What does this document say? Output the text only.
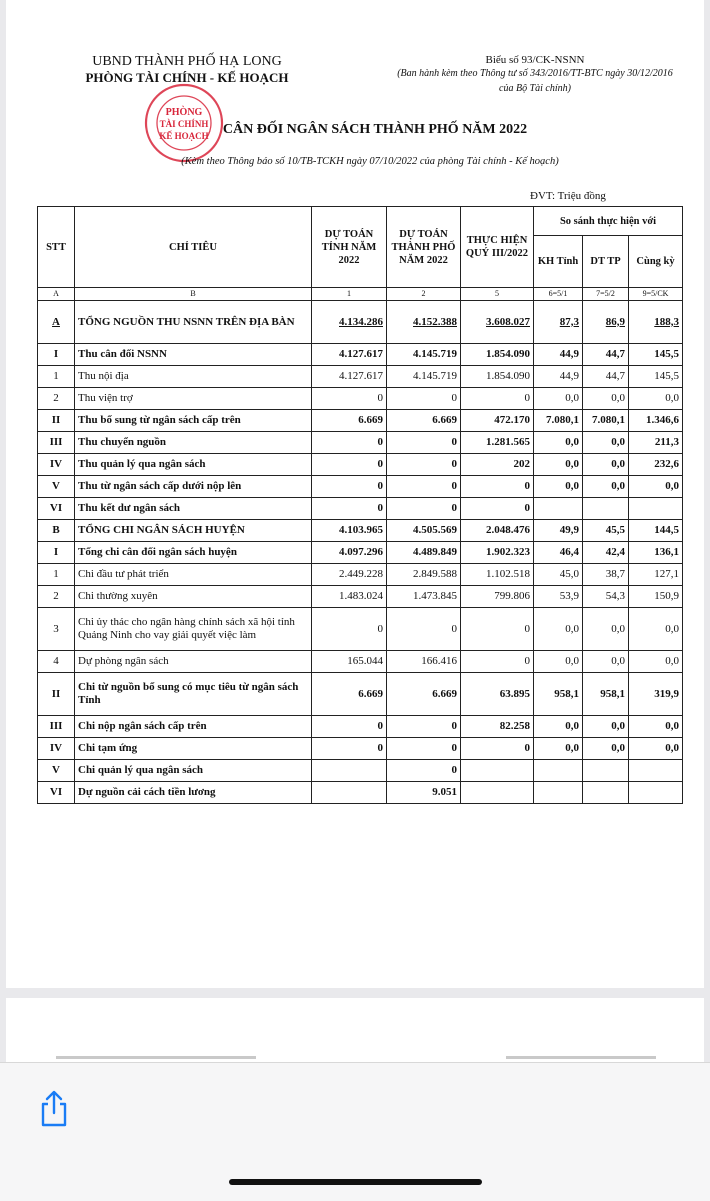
UBND THÀNH PHỐ HẠ LONG
PHÒNG TÀI CHÍNH - KẾ HOẠCH
Biểu số 93/CK-NSNN
(Ban hành kèm theo Thông tư số 343/2016/TT-BTC ngày 30/12/2016 của Bộ Tài chính)
PHÒNG
TÀI CHÍNH
KẾ HOẠCH	CÂN ĐỐI NGÂN SÁCH THÀNH PHỐ NĂM 2022
(Kèm theo Thông báo số 10/TB-TCKH ngày 07/10/2022 của phòng Tài chính - Kế hoạch)
ĐVT: Triệu đồng
STT	CHỈ TIÊU	DỰ TOÁN TỈNH NĂM 2022	DỰ TOÁN THÀNH PHỐ NĂM 2022	THỰC HIỆN QUÝ III/2022	So sánh thực hiện với		
					KH Tỉnh	DT TP	Cùng kỳ
A	B	1	2	5	6=5/1	7=5/2	9=5/CK
A	TỔNG NGUỒN THU NSNN TRÊN ĐỊA BÀN	4.134.286	4.152.388	3.608.027	87,3	86,9	188,3
I	Thu cân đối NSNN	4.127.617	4.145.719	1.854.090	44,9	44,7	145,5
1	Thu nội địa	4.127.617	4.145.719	1.854.090	44,9	44,7	145,5
2	Thu viện trợ	0	0	0	0,0	0,0	0,0
II	Thu bổ sung từ ngân sách cấp trên	6.669	6.669	472.170	7.080,1	7.080,1	1.346,6
III	Thu chuyển nguồn	0	0	1.281.565	0,0	0,0	211,3
IV	Thu quản lý qua ngân sách	0	0	202	0,0	0,0	232,6
V	Thu từ ngân sách cấp dưới nộp lên	0	0	0	0,0	0,0	0,0
VI	Thu kết dư ngân sách	0	0	0			
B	TỔNG CHI NGÂN SÁCH HUYỆN	4.103.965	4.505.569	2.048.476	49,9	45,5	144,5
I	Tổng chi cân đối ngân sách huyện	4.097.296	4.489.849	1.902.323	46,4	42,4	136,1
1	Chi đầu tư phát triển	2.449.228	2.849.588	1.102.518	45,0	38,7	127,1
2	Chi thường xuyên	1.483.024	1.473.845	799.806	53,9	54,3	150,9
3	Chi ủy thác cho ngân hàng chính sách xã hội tỉnh Quảng Ninh cho vay giải quyết việc làm	0	0	0	0,0	0,0	0,0
4	Dự phòng ngân sách	165.044	166.416	0	0,0	0,0	0,0
II	Chi từ nguồn bổ sung có mục tiêu từ ngân sách Tỉnh	6.669	6.669	63.895	958,1	958,1	319,9
III	Chi nộp ngân sách cấp trên	0	0	82.258	0,0	0,0	0,0
IV	Chi tạm ứng	0	0	0	0,0	0,0	0,0
V	Chi quản lý qua ngân sách		0				
VI	Dự nguồn cải cách tiền lương		9.051				
